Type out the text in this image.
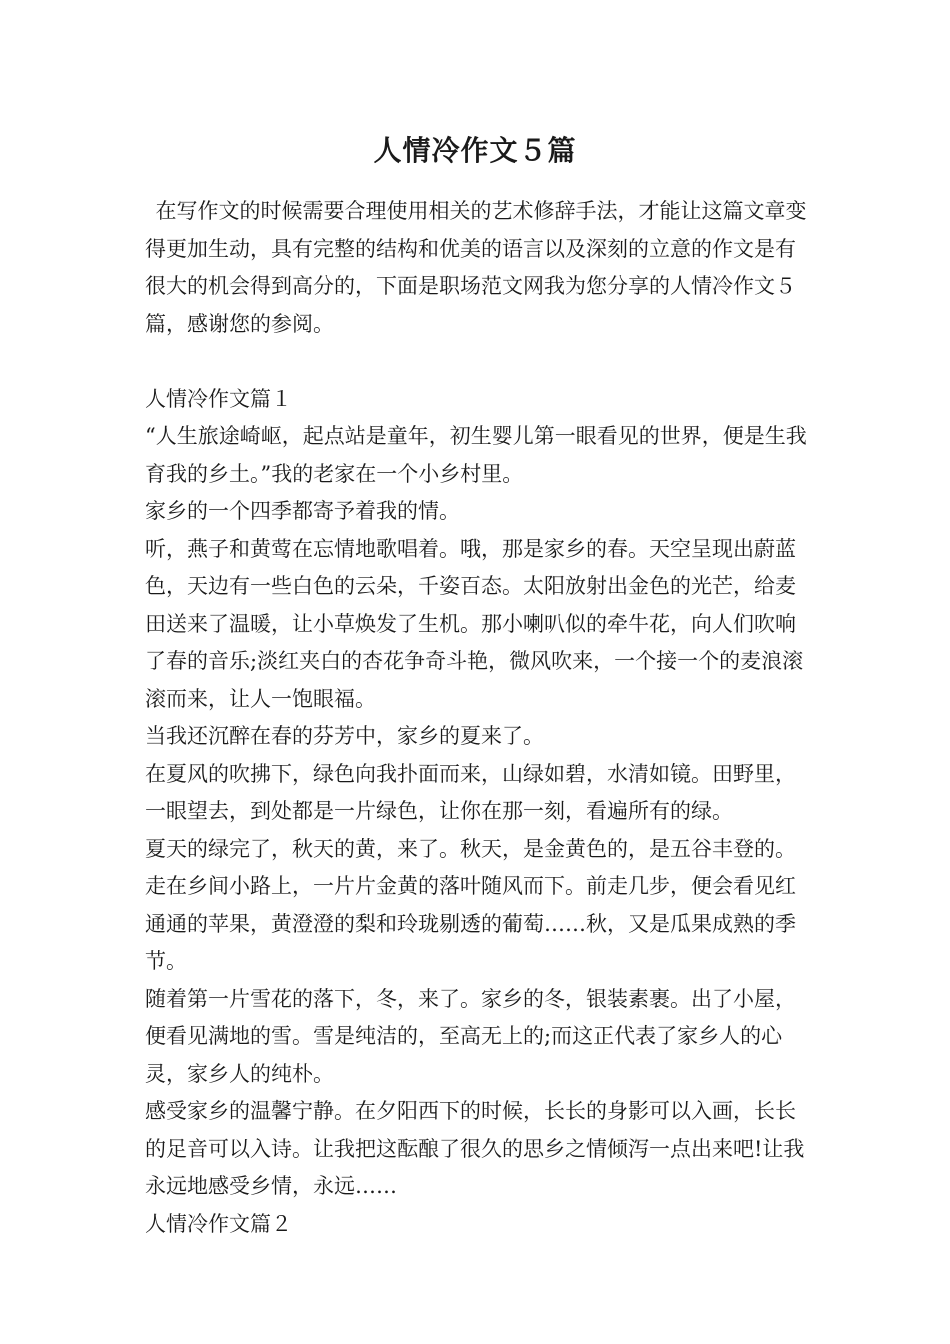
人情冷作文５篇

在写作文的时候需要合理使用相关的艺术修辞手法，才能让这篇文章变得更加生动，具有完整的结构和优美的语言以及深刻的立意的作文是有很大的机会得到高分的，下面是职场范文网我为您分享的人情冷作文５篇，感谢您的参阅。

人情冷作文篇１

“人生旅途崎岖，起点站是童年，初生婴儿第一眼看见的世界，便是生我育我的乡土。”我的老家在一个小乡村里。

家乡的一个四季都寄予着我的情。

听，燕子和黄莺在忘情地歌唱着。哦，那是家乡的春。天空呈现出蔚蓝色，天边有一些白色的云朵，千姿百态。太阳放射出金色的光芒，给麦田送来了温暖，让小草焕发了生机。那小喇叭似的牵牛花，向人们吹响了春的音乐;淡红夹白的杏花争奇斗艳，微风吹来，一个接一个的麦浪滚滚而来，让人一饱眼福。

当我还沉醉在春的芬芳中，家乡的夏来了。

在夏风的吹拂下，绿色向我扑面而来，山绿如碧，水清如镜。田野里，一眼望去，到处都是一片绿色，让你在那一刻，看遍所有的绿。

夏天的绿完了，秋天的黄，来了。秋天，是金黄色的，是五谷丰登的。走在乡间小路上，一片片金黄的落叶随风而下。前走几步，便会看见红通通的苹果，黄澄澄的梨和玲珑剔透的葡萄……秋，又是瓜果成熟的季节。

随着第一片雪花的落下，冬，来了。家乡的冬，银装素裹。出了小屋，便看见满地的雪。雪是纯洁的，至高无上的;而这正代表了家乡人的心灵，家乡人的纯朴。

感受家乡的温馨宁静。在夕阳西下的时候，长长的身影可以入画，长长的足音可以入诗。让我把这酝酿了很久的思乡之情倾泻一点出来吧!让我永远地感受乡情，永远……

人情冷作文篇２
